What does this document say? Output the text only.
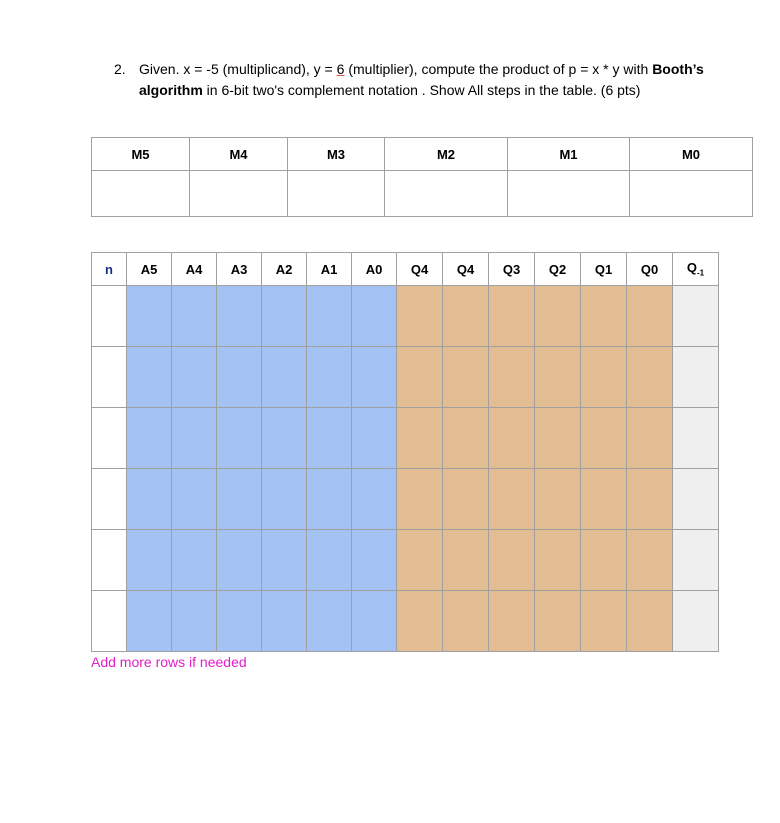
2. Given. x = -5 (multiplicand), y = 6 (multiplier), compute the product of p = x * y with Booth’s algorithm in 6-bit two's complement notation . Show All steps in the table. (6 pts)
M5	M4	M3	M2	M1	M0

n	A5	A4	A3	A2	A1	A0	Q4	Q4	Q3	Q2	Q1	Q0	$Q_{-1}$

Add more rows if needed
